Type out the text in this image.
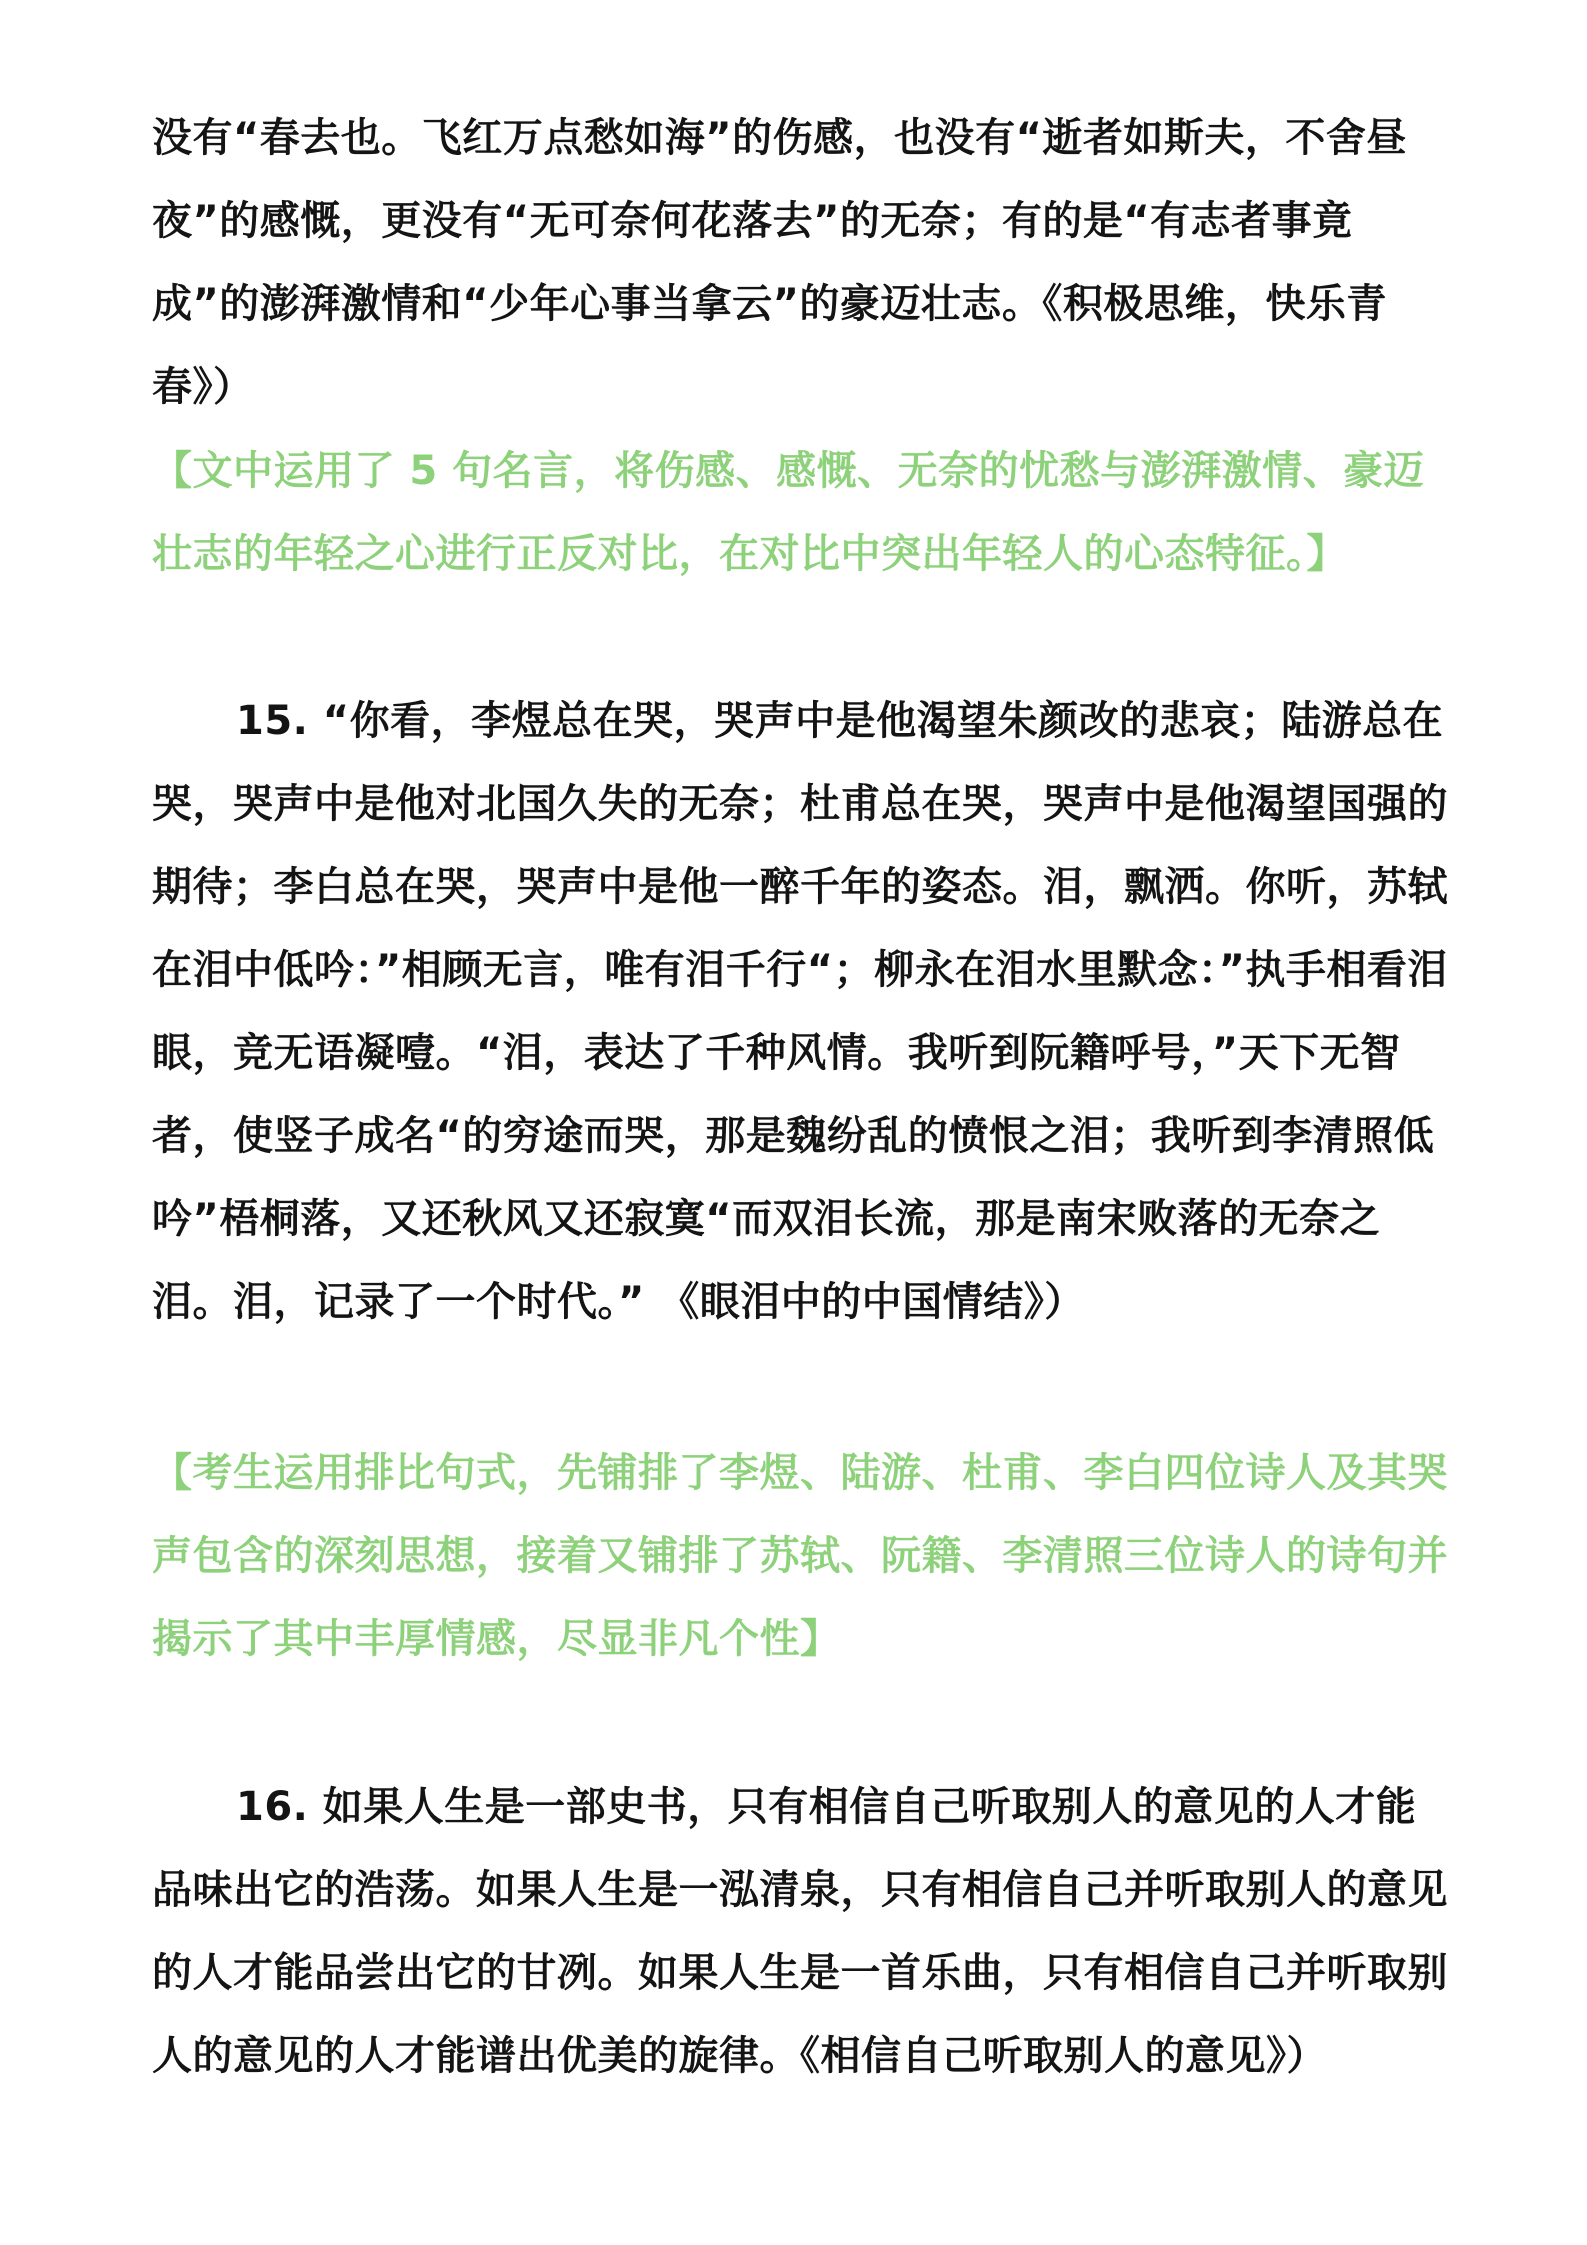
没有“春去也。飞红万点愁如海”的伤感，也没有“逝者如斯夫，不舍昼夜”的感慨，更没有“无可奈何花落去”的无奈；有的是“有志者事竟成”的澎湃激情和“少年心事当拿云”的豪迈壮志。《积极思维，快乐青春》）

【文中运用了 5 句名言，将伤感、感慨、无奈的忧愁与澎湃激情、豪迈壮志的年轻之心进行正反对比，在对比中突出年轻人的心态特征。】

15. “你看，李煜总在哭，哭声中是他渴望朱颜改的悲哀；陆游总在哭，哭声中是他对北国久失的无奈；杜甫总在哭，哭声中是他渴望国强的期待；李白总在哭，哭声中是他一醉千年的姿态。泪，飘洒。你听，苏轼在泪中低吟：”相顾无言，唯有泪千行“；柳永在泪水里默念：”执手相看泪眼，竞无语凝噎。“泪，表达了千种风情。我听到阮籍呼号，”天下无智者，使竖子成名“的穷途而哭，那是魏纷乱的愤恨之泪；我听到李清照低吟”梧桐落，又还秋风又还寂寞“而双泪长流，那是南宋败落的无奈之泪。泪，记录了一个时代。” 《眼泪中的中国情结》）

【考生运用排比句式，先铺排了李煜、陆游、杜甫、李白四位诗人及其哭声包含的深刻思想，接着又铺排了苏轼、阮籍、李清照三位诗人的诗句并揭示了其中丰厚情感，尽显非凡个性】

16. 如果人生是一部史书，只有相信自己听取别人的意见的人才能品味出它的浩荡。如果人生是一泓清泉，只有相信自己并听取别人的意见的人才能品尝出它的甘冽。如果人生是一首乐曲，只有相信自己并听取别人的意见的人才能谱出优美的旋律。《相信自己听取别人的意见》）
